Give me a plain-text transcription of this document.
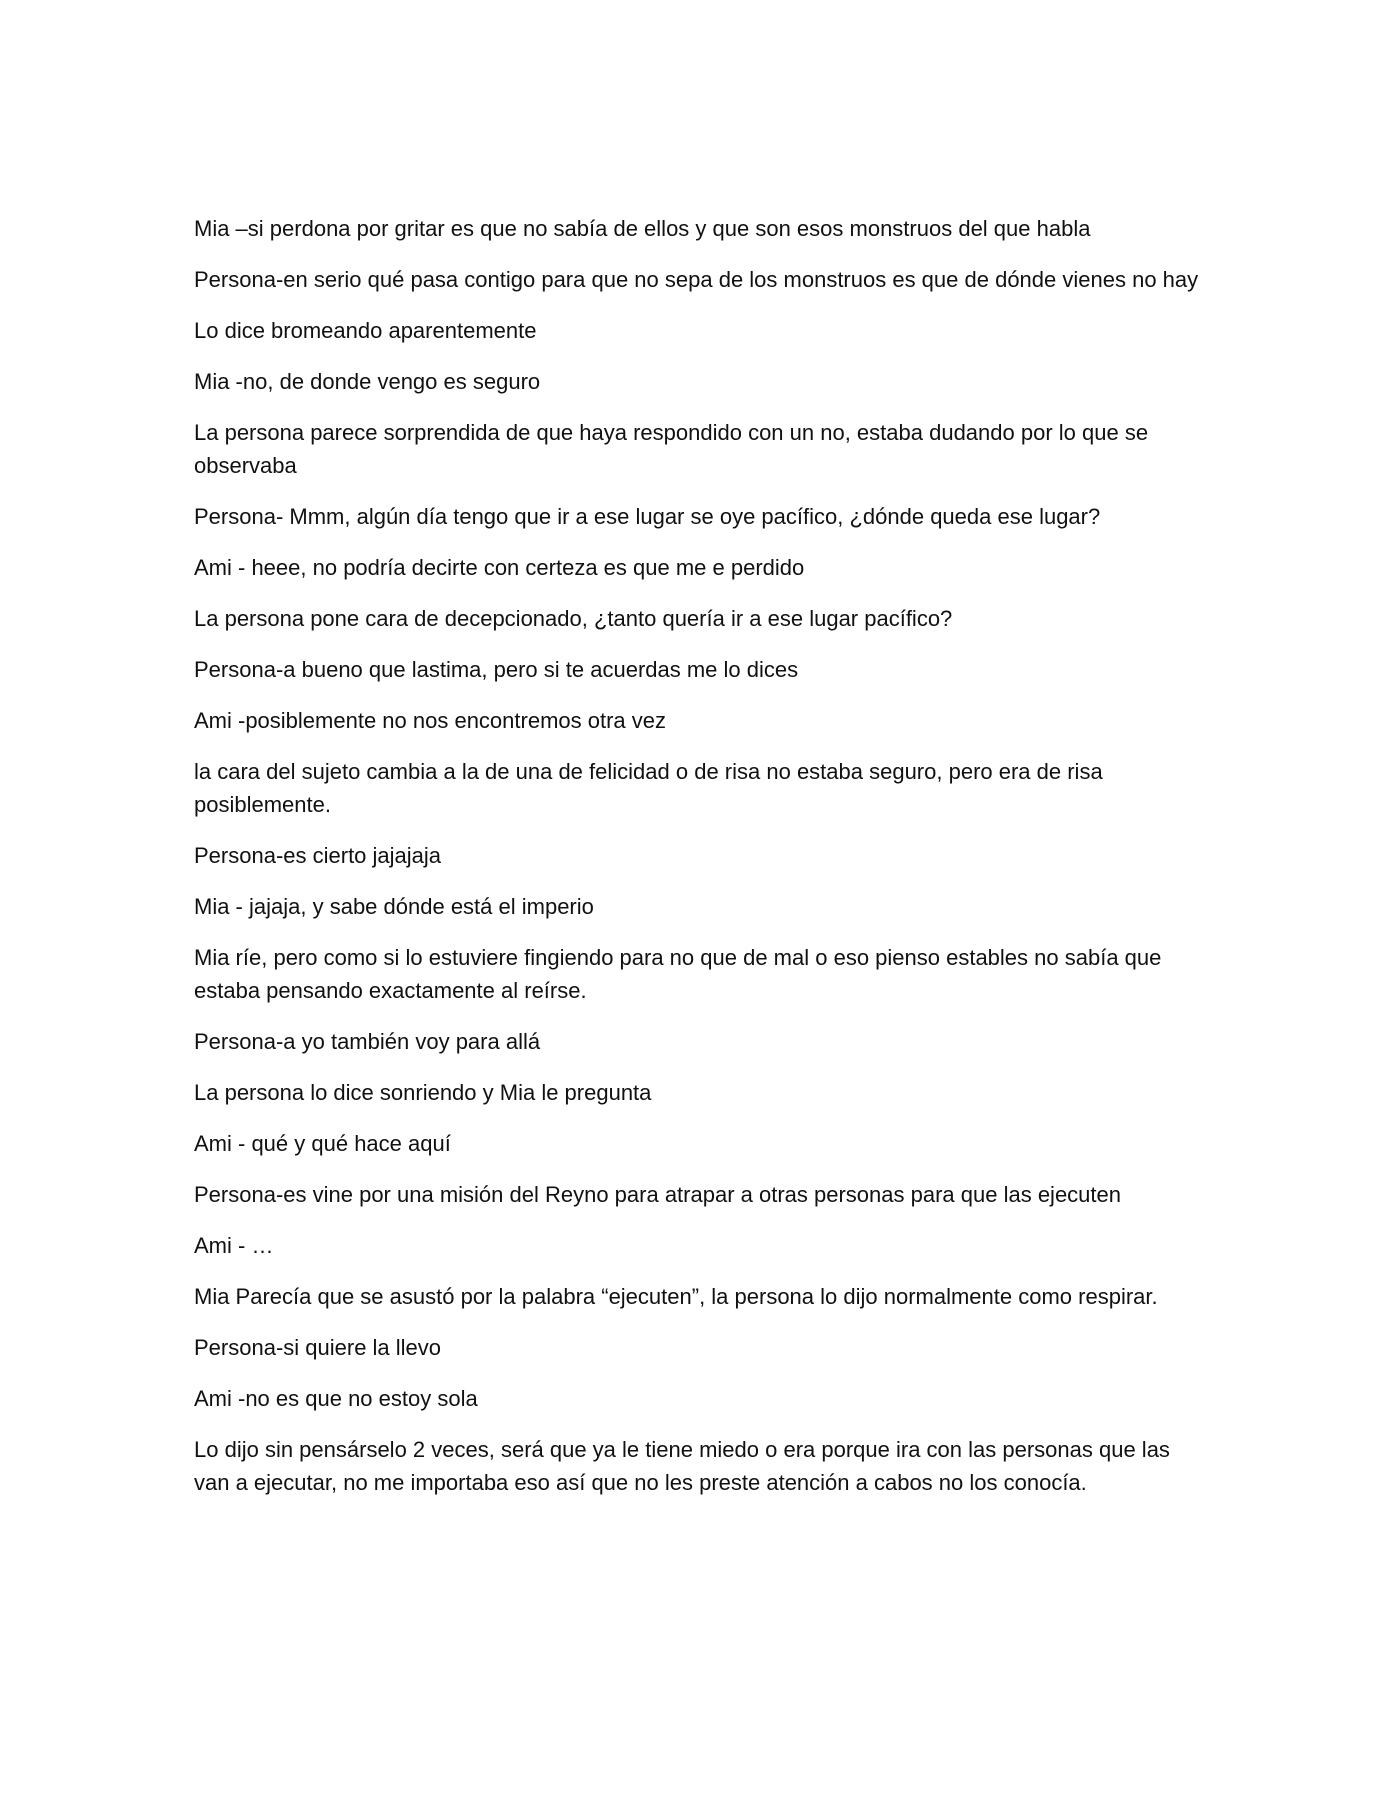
Mia –si perdona por gritar es que no sabía de ellos y que son esos monstruos del que habla

Persona-en serio qué pasa contigo para que no sepa de los monstruos es que de dónde vienes no hay

Lo dice bromeando aparentemente

Mia -no, de donde vengo es seguro

La persona parece sorprendida de que haya respondido con un no, estaba dudando por lo que se observaba

Persona- Mmm, algún día tengo que ir a ese lugar se oye pacífico, ¿dónde queda ese lugar?

Ami - heee, no podría decirte con certeza es que me e perdido

La persona pone cara de decepcionado, ¿tanto quería ir a ese lugar pacífico?

Persona-a bueno que lastima, pero si te acuerdas me lo dices

Ami -posiblemente no nos encontremos otra vez

la cara del sujeto cambia a la de una de felicidad o de risa no estaba seguro, pero era de risa posiblemente.

Persona-es cierto jajajaja

Mia - jajaja, y sabe dónde está el imperio

Mia ríe, pero como si lo estuviere fingiendo para no que de mal o eso pienso estables no sabía que estaba pensando exactamente al reírse.

Persona-a yo también voy para allá

La persona lo dice sonriendo y Mia le pregunta

Ami - qué y qué hace aquí

Persona-es vine por una misión del Reyno para atrapar a otras personas para que las ejecuten

Ami - …

Mia Parecía que se asustó por la palabra “ejecuten”, la persona lo dijo normalmente como respirar.

Persona-si quiere la llevo

Ami -no es que no estoy sola

Lo dijo sin pensárselo 2 veces, será que ya le tiene miedo o era porque ira con las personas que las van a ejecutar, no me importaba eso así que no les preste atención a cabos no los conocía.
